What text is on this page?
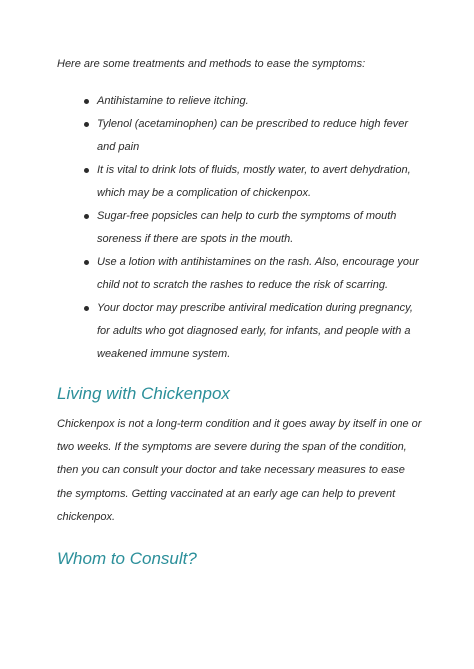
Here are some treatments and methods to ease the symptoms:

Antihistamine to relieve itching.
Tylenol (acetaminophen) can be prescribed to reduce high fever and pain
It is vital to drink lots of fluids, mostly water, to avert dehydration, which may be a complication of chickenpox.
Sugar-free popsicles can help to curb the symptoms of mouth soreness if there are spots in the mouth.
Use a lotion with antihistamines on the rash. Also, encourage your child not to scratch the rashes to reduce the risk of scarring.
Your doctor may prescribe antiviral medication during pregnancy, for adults who got diagnosed early, for infants, and people with a weakened immune system.
Living with Chickenpox

Chickenpox is not a long-term condition and it goes away by itself in one or two weeks. If the symptoms are severe during the span of the condition, then you can consult your doctor and take necessary measures to ease the symptoms. Getting vaccinated at an early age can help to prevent chickenpox.

Whom to Consult?
